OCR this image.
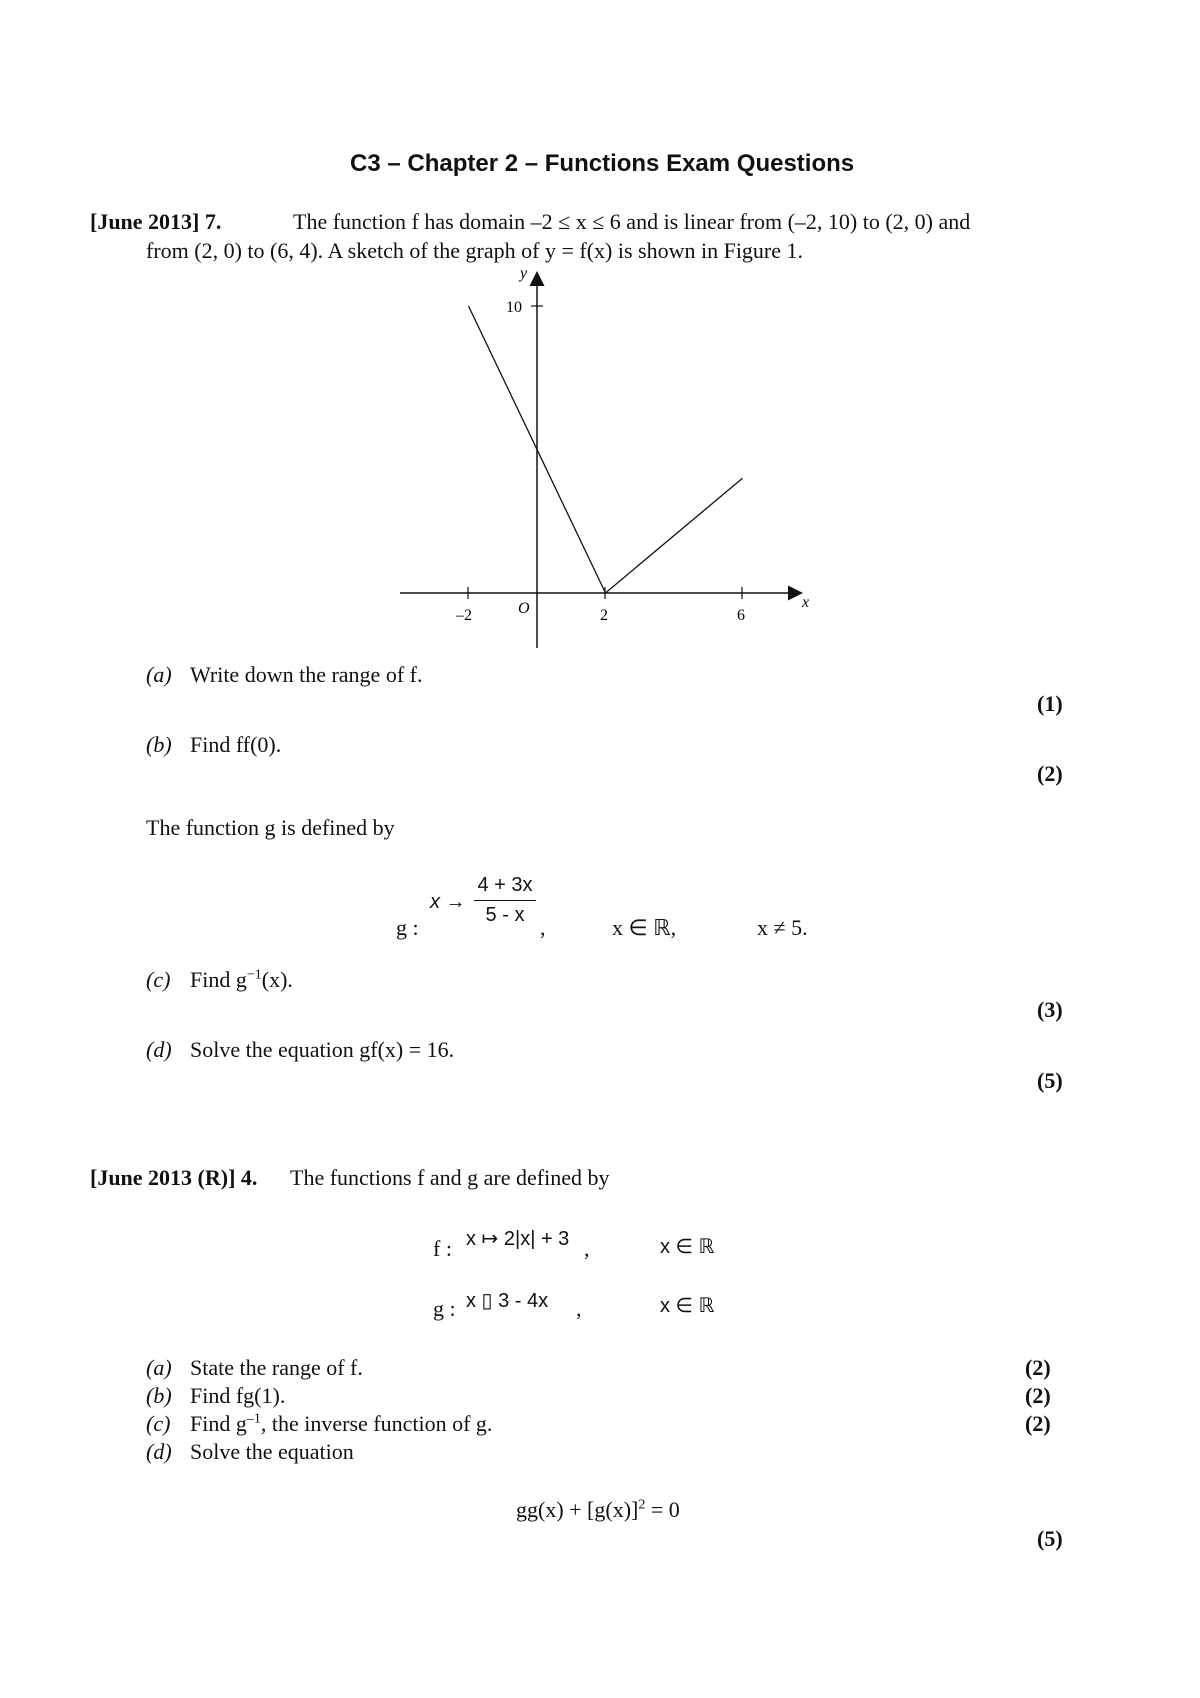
C3 – Chapter 2 – Functions Exam Questions
[June 2013] 7.	The function f has domain –2 ≤ x ≤ 6 and is linear from (–2, 10) to (2, 0) and
from (2, 0) to (6, 4). A sketch of the graph of y = f(x) is shown in Figure 1.
y
x
10
O
–2	2	6
(a) Write down the range of f.
(1)
(b) Find ff(0).
(2)
The function g is defined by
g :
x →
4 + 3x
5 - x ,	x ∈ ℝ,	x ≠ 5.
(c) Find $g^{-1}(x)$.
(3)
(d) Solve the equation gf(x) = 16.
(5)
[June 2013 (R)] 4. The functions f and g are defined by
f : x ↦ 2|x| + 3 ,	x ∈ ℝ
g : x ▯ 3 - 4x ,	x ∈ ℝ
(a) State the range of f.	(2)
(b) Find fg(1).	(2)
(c) Find $g^{-1}$, the inverse function of g.	(2)
(d) Solve the equation
$gg(x) + [g(x)]^2 = 0$
(5)
